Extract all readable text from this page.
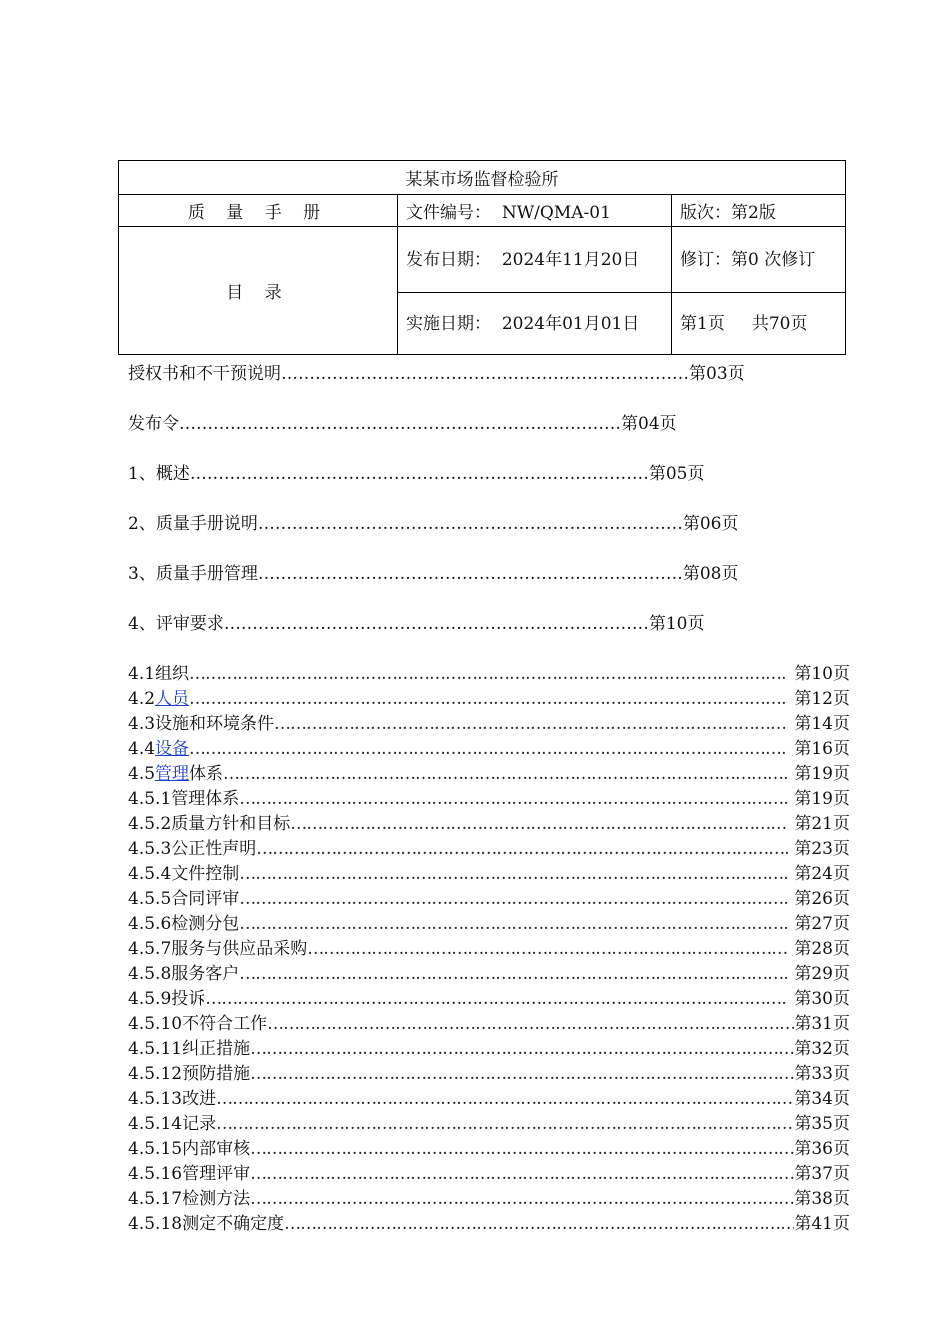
某某市场监督检验所		
质 量 手 册	文件编号： NW/QMA-01	版次：第2版
目 录	发布日期： 2024年11月20日	修订：第0 次修订
	实施日期： 2024年01月01日	第1页 共70页
授权书和不干预说明………………………………………………………………第03页
发布令……………………………………………………………………第04页
1、概述………………………………………………………………………第05页
2、质量手册说明…………………………………………………………………第06页
3、质量手册管理…………………………………………………………………第08页
4、评审要求…………………………………………………………………第10页
4.1组织 ……………………………………………………………………………………………………………………………………………………………………	第10页
4.2人员 ……………………………………………………………………………………………………………………………………………………………………	第12页
4.3设施和环境条件 ……………………………………………………………………………………………………………………………………………………………………	第14页
4.4设备 ……………………………………………………………………………………………………………………………………………………………………	第16页
4.5管理体系 ……………………………………………………………………………………………………………………………………………………………………	第19页
4.5.1管理体系 ……………………………………………………………………………………………………………………………………………………………………	第19页
4.5.2质量方针和目标 ……………………………………………………………………………………………………………………………………………………………………	第21页
4.5.3公正性声明 ……………………………………………………………………………………………………………………………………………………………………	第23页
4.5.4文件控制 ……………………………………………………………………………………………………………………………………………………………………	第24页
4.5.5合同评审 ……………………………………………………………………………………………………………………………………………………………………	第26页
4.5.6检测分包 ……………………………………………………………………………………………………………………………………………………………………	第27页
4.5.7服务与供应品采购 ……………………………………………………………………………………………………………………………………………………………………	第28页
4.5.8服务客户 ……………………………………………………………………………………………………………………………………………………………………	第29页
4.5.9投诉 ……………………………………………………………………………………………………………………………………………………………………	第30页
4.5.10不符合工作 ……………………………………………………………………………………………………………………………………………………………………	第31页
4.5.11纠正措施 ……………………………………………………………………………………………………………………………………………………………………	第32页
4.5.12预防措施 ……………………………………………………………………………………………………………………………………………………………………	第33页
4.5.13改进 ……………………………………………………………………………………………………………………………………………………………………	第34页
4.5.14记录 ……………………………………………………………………………………………………………………………………………………………………	第35页
4.5.15内部审核 ……………………………………………………………………………………………………………………………………………………………………	第36页
4.5.16管理评审 ……………………………………………………………………………………………………………………………………………………………………	第37页
4.5.17检测方法 ……………………………………………………………………………………………………………………………………………………………………	第38页
4.5.18测定不确定度 ……………………………………………………………………………………………………………………………………………………………………	第41页
